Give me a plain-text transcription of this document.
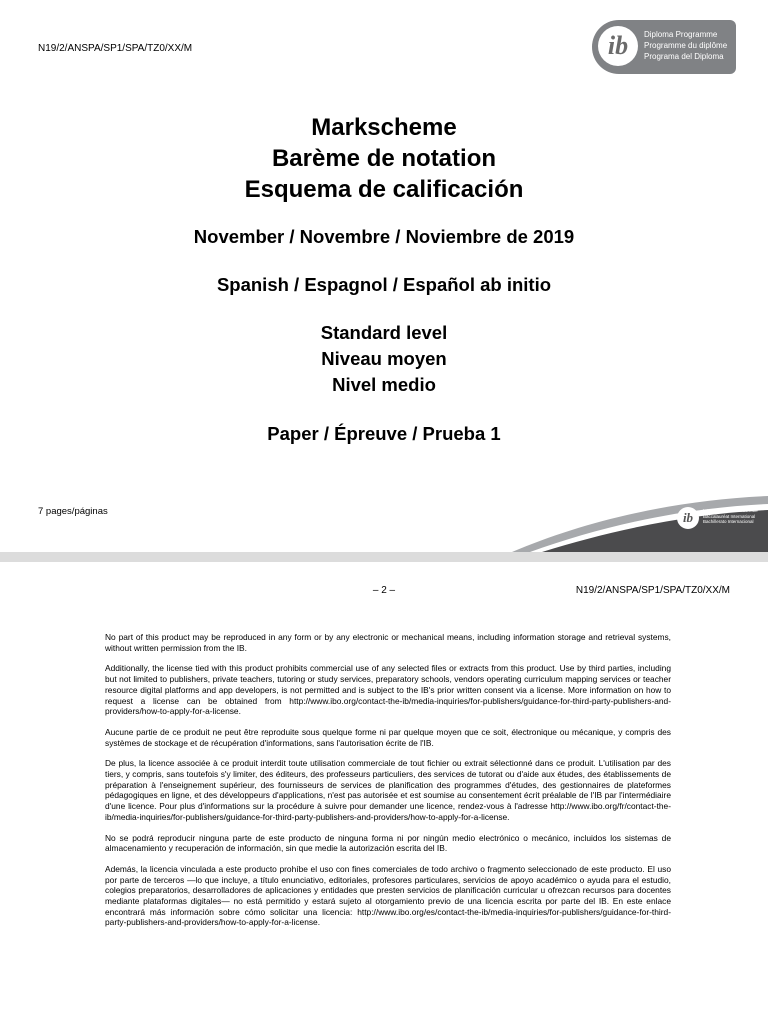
N19/2/ANSPA/SP1/SPA/TZ0/XX/M	ib	Diploma Programme
Programme du diplôme
Programa del Diploma
Markscheme
Barème de notation
Esquema de calificación
November / Novembre / Noviembre de 2019
Spanish / Espagnol / Español ab initio
Standard level
Niveau moyen
Nivel medio
Paper / Épreuve / Prueba 1
7 pages/páginas	ib	International Baccalaureate
Baccalauréat International
Bachillerato Internacional
– 2 –	N19/2/ANSPA/SP1/SPA/TZ0/XX/M

No part of this product may be reproduced in any form or by any electronic or mechanical means, including information storage and retrieval systems, without written permission from the IB.

Additionally, the license tied with this product prohibits commercial use of any selected files or extracts from this product. Use by third parties, including but not limited to publishers, private teachers, tutoring or study services, preparatory schools, vendors operating curriculum mapping services or teacher resource digital platforms and app developers, is not permitted and is subject to the IB's prior written consent via a license. More information on how to request a license can be obtained from http://www.ibo.org/contact-the-ib/media-inquiries/for-publishers/guidance-for-third-party-publishers-and-providers/how-to-apply-for-a-license.

Aucune partie de ce produit ne peut être reproduite sous quelque forme ni par quelque moyen que ce soit, électronique ou mécanique, y compris des systèmes de stockage et de récupération d'informations, sans l'autorisation écrite de l'IB.

De plus, la licence associée à ce produit interdit toute utilisation commerciale de tout fichier ou extrait sélectionné dans ce produit. L'utilisation par des tiers, y compris, sans toutefois s'y limiter, des éditeurs, des professeurs particuliers, des services de tutorat ou d'aide aux études, des établissements de préparation à l'enseignement supérieur, des fournisseurs de services de planification des programmes d'études, des gestionnaires de plateformes pédagogiques en ligne, et des développeurs d'applications, n'est pas autorisée et est soumise au consentement écrit préalable de l'IB par l'intermédiaire d'une licence. Pour plus d'informations sur la procédure à suivre pour demander une licence, rendez-vous à l'adresse http://www.ibo.org/fr/contact-the-ib/media-inquiries/for-publishers/guidance-for-third-party-publishers-and-providers/how-to-apply-for-a-license.

No se podrá reproducir ninguna parte de este producto de ninguna forma ni por ningún medio electrónico o mecánico, incluidos los sistemas de almacenamiento y recuperación de información, sin que medie la autorización escrita del IB.

Además, la licencia vinculada a este producto prohíbe el uso con fines comerciales de todo archivo o fragmento seleccionado de este producto. El uso por parte de terceros —lo que incluye, a título enunciativo, editoriales, profesores particulares, servicios de apoyo académico o ayuda para el estudio, colegios preparatorios, desarrolladores de aplicaciones y entidades que presten servicios de planificación curricular u ofrezcan recursos para docentes mediante plataformas digitales— no está permitido y estará sujeto al otorgamiento previo de una licencia escrita por parte del IB. En este enlace encontrará más información sobre cómo solicitar una licencia: http://www.ibo.org/es/contact-the-ib/media-inquiries/for-publishers/guidance-for-third-party-publishers-and-providers/how-to-apply-for-a-license.
